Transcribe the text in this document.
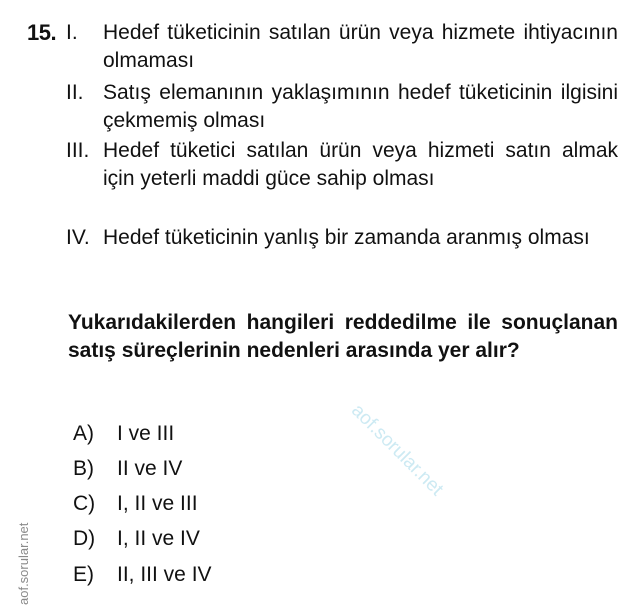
15. I. Hedef tüketicinin satılan ürün veya hizmete ihtiyacının olmaması
II. Satış elemanının yaklaşımının hedef tüketicinin ilgisini çekmemiş olması
III. Hedef tüketici satılan ürün veya hizmeti satın almak için yeterli maddi güce sahip olması
IV. Hedef tüketicinin yanlış bir zamanda aranmış olması
Yukarıdakilerden hangileri reddedilme ile sonuçlanan satış süreçlerinin nedenleri arasında yer alır?
A) I ve III
B) II ve IV
C) I, II ve III
D) I, II ve IV
E) II, III ve IV
aof.sorular.net
aof.sorular.net
